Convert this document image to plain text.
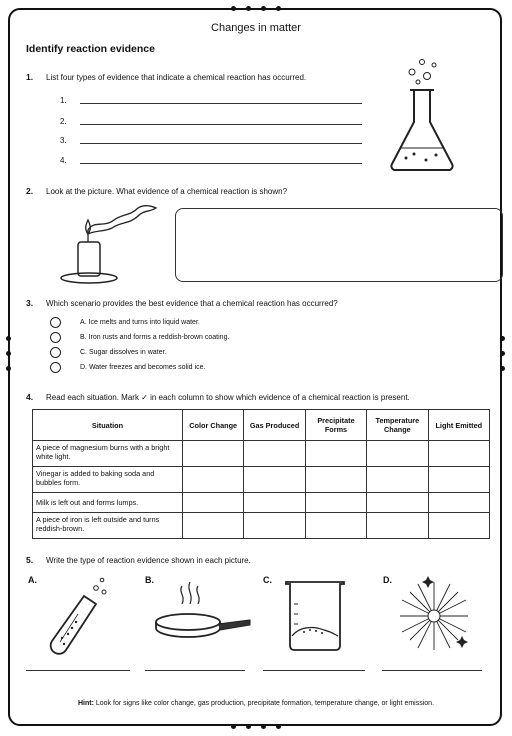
Changes in matter
Identify reaction evidence
1. List four types of evidence that indicate a chemical reaction has occurred.
1.
2.
3.
4.
2. Look at the picture. What evidence of a chemical reaction is shown?
3. Which scenario provides the best evidence that a chemical reaction has occurred?
A. Ice melts and turns into liquid water.
B. Iron rusts and forms a reddish-brown coating.
C. Sugar dissolves in water.
D. Water freezes and becomes solid ice.
4. Read each situation. Mark ✓ in each column to show which evidence of a chemical reaction is present.
Situation	Color Change	Gas Produced	Precipitate Forms	Temperature Change	Light Emitted
A piece of magnesium burns with a bright white light.					
Vinegar is added to baking soda and bubbles form.					
Milk is left out and forms lumps.					
A piece of iron is left outside and turns reddish-brown.					
5. Write the type of reaction evidence shown in each picture.
A.	B.	C.	D.
Hint: Look for signs like color change, gas production, precipitate formation, temperature change, or light emission.
